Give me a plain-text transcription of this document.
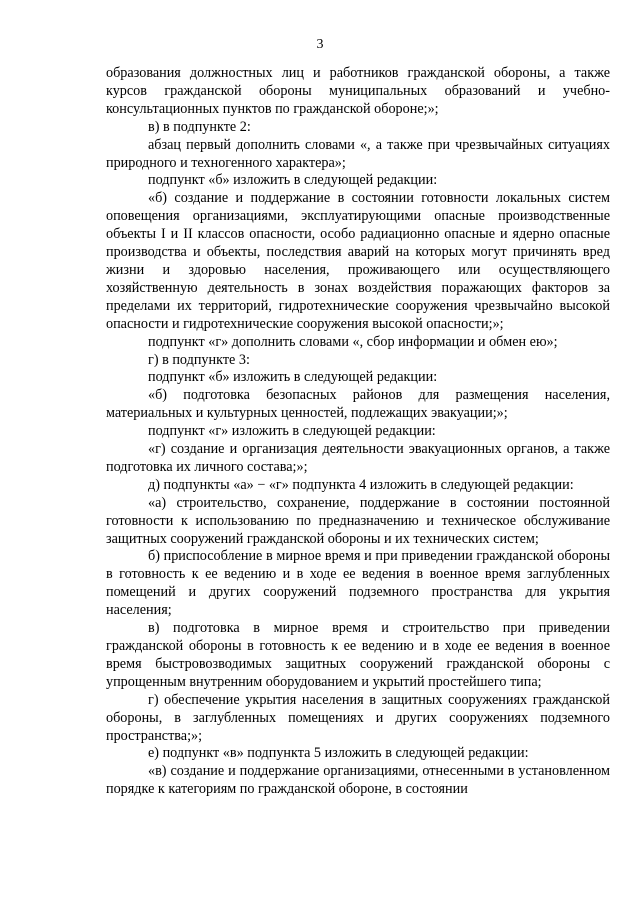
3

образования должностных лиц и работников гражданской обороны, а также курсов гражданской обороны муниципальных образований и учебно-консультационных пунктов по гражданской обороне;»;

в) в подпункте 2:

абзац первый дополнить словами «, а также при чрезвычайных ситуациях природного и техногенного характера»;

подпункт «б» изложить в следующей редакции:

«б) создание и поддержание в состоянии готовности локальных систем оповещения организациями, эксплуатирующими опасные производственные объекты I и II классов опасности, особо радиационно опасные и ядерно опасные производства и объекты, последствия аварий на которых могут причинять вред жизни и здоровью населения, проживающего или осуществляющего хозяйственную деятельность в зонах воздействия поражающих факторов за пределами их территорий, гидротехнические сооружения чрезвычайно высокой опасности и гидротехнические сооружения высокой опасности;»;

подпункт «г» дополнить словами «, сбор информации и обмен ею»;

г) в подпункте 3:

подпункт «б» изложить в следующей редакции:

«б) подготовка безопасных районов для размещения населения, материальных и культурных ценностей, подлежащих эвакуации;»;

подпункт «г» изложить в следующей редакции:

«г) создание и организация деятельности эвакуационных органов, а также подготовка их личного состава;»;

д) подпункты «а» − «г» подпункта 4 изложить в следующей редакции:

«а) строительство, сохранение, поддержание в состоянии постоянной готовности к использованию по предназначению и техническое обслуживание защитных сооружений гражданской обороны и их технических систем;

б) приспособление в мирное время и при приведении гражданской обороны в готовность к ее ведению и в ходе ее ведения в военное время заглубленных помещений и других сооружений подземного пространства для укрытия населения;

в) подготовка в мирное время и строительство при приведении гражданской обороны в готовность к ее ведению и в ходе ее ведения в военное время быстровозводимых защитных сооружений гражданской обороны с упрощенным внутренним оборудованием и укрытий простейшего типа;

г) обеспечение укрытия населения в защитных сооружениях гражданской обороны, в заглубленных помещениях и других сооружениях подземного пространства;»;

е) подпункт «в» подпункта 5 изложить в следующей редакции:

«в) создание и поддержание организациями, отнесенными в установленном порядке к категориям по гражданской обороне, в состоянии
